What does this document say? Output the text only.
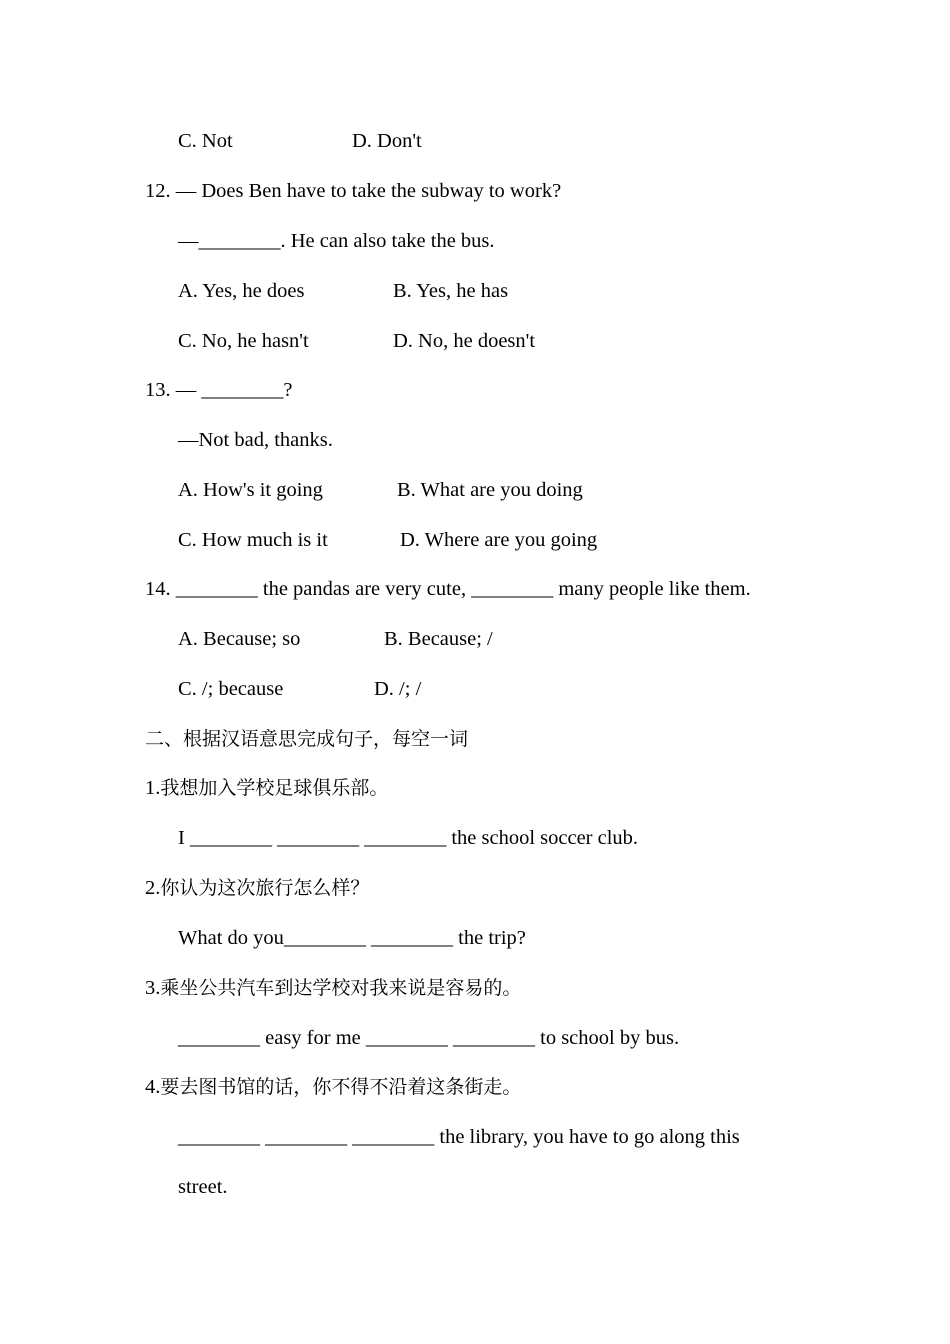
C. Not	D. Don't
12. — Does Ben have to take the subway to work?
—________. He can also take the bus.
A. Yes, he does	B. Yes, he has
C. No, he hasn't	D. No, he doesn't
13. — ________?
—Not bad, thanks.
A. How's it going	B. What are you doing
C. How much is it	D. Where are you going
14. ________ the pandas are very cute, ________ many people like them.
A. Because; so	B. Because; /
C. /; because	D. /; /
二、根据汉语意思完成句子，每空一词
1.我想加入学校足球俱乐部。
I ________ ________ ________ the school soccer club.
2.你认为这次旅行怎么样？
What do you________ ________ the trip?
3.乘坐公共汽车到达学校对我来说是容易的。
________ easy for me ________ ________ to school by bus.
4.要去图书馆的话，你不得不沿着这条街走。
________ ________ ________ the library, you have to go along this
street.
